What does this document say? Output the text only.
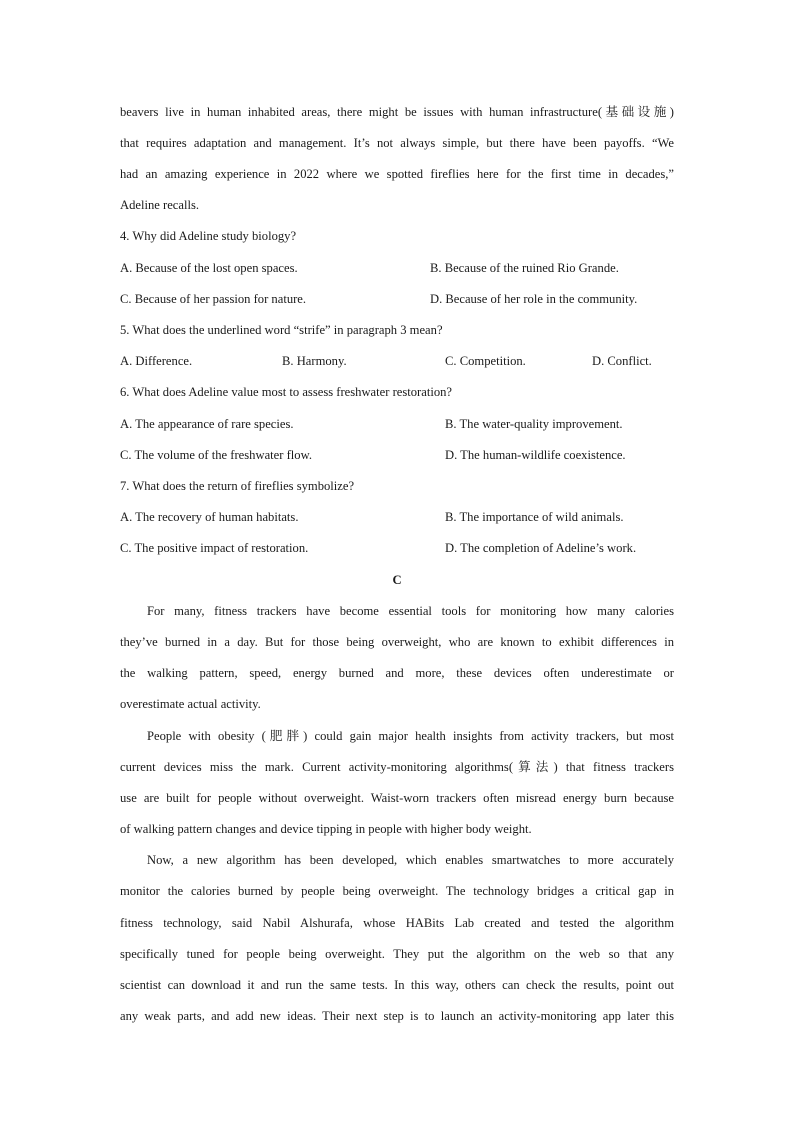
beavers live in human inhabited areas, there might be issues with human infrastructure(基础设施)
that requires adaptation and management. It’s not always simple, but there have been payoffs. “We
had an amazing experience in 2022 where we spotted fireflies here for the first time in decades,”
Adeline recalls.
4. Why did Adeline study biology?
A. Because of the lost open spaces.	B. Because of the ruined Rio Grande.
C. Because of her passion for nature.	D. Because of her role in the community.
5. What does the underlined word “strife” in paragraph 3 mean?
A. Difference.	B. Harmony.	C. Competition.	D. Conflict.
6. What does Adeline value most to assess freshwater restoration?
A. The appearance of rare species.	B. The water-quality improvement.
C. The volume of the freshwater flow.	D. The human-wildlife coexistence.
7. What does the return of fireflies symbolize?
A. The recovery of human habitats.	B. The importance of wild animals.
C. The positive impact of restoration.	D. The completion of Adeline’s work.
C
For many, fitness trackers have become essential tools for monitoring how many calories
they’ve burned in a day. But for those being overweight, who are known to exhibit differences in
the walking pattern, speed, energy burned and more, these devices often underestimate or
overestimate actual activity.
People with obesity (肥胖) could gain major health insights from activity trackers, but most
current devices miss the mark. Current activity-monitoring algorithms(算法) that fitness trackers
use are built for people without overweight. Waist-worn trackers often misread energy burn because
of walking pattern changes and device tipping in people with higher body weight.
Now, a new algorithm has been developed, which enables smartwatches to more accurately
monitor the calories burned by people being overweight. The technology bridges a critical gap in
fitness technology, said Nabil Alshurafa, whose HABits Lab created and tested the algorithm
specifically tuned for people being overweight. They put the algorithm on the web so that any
scientist can download it and run the same tests. In this way, others can check the results, point out
any weak parts, and add new ideas. Their next step is to launch an activity-monitoring app later this
